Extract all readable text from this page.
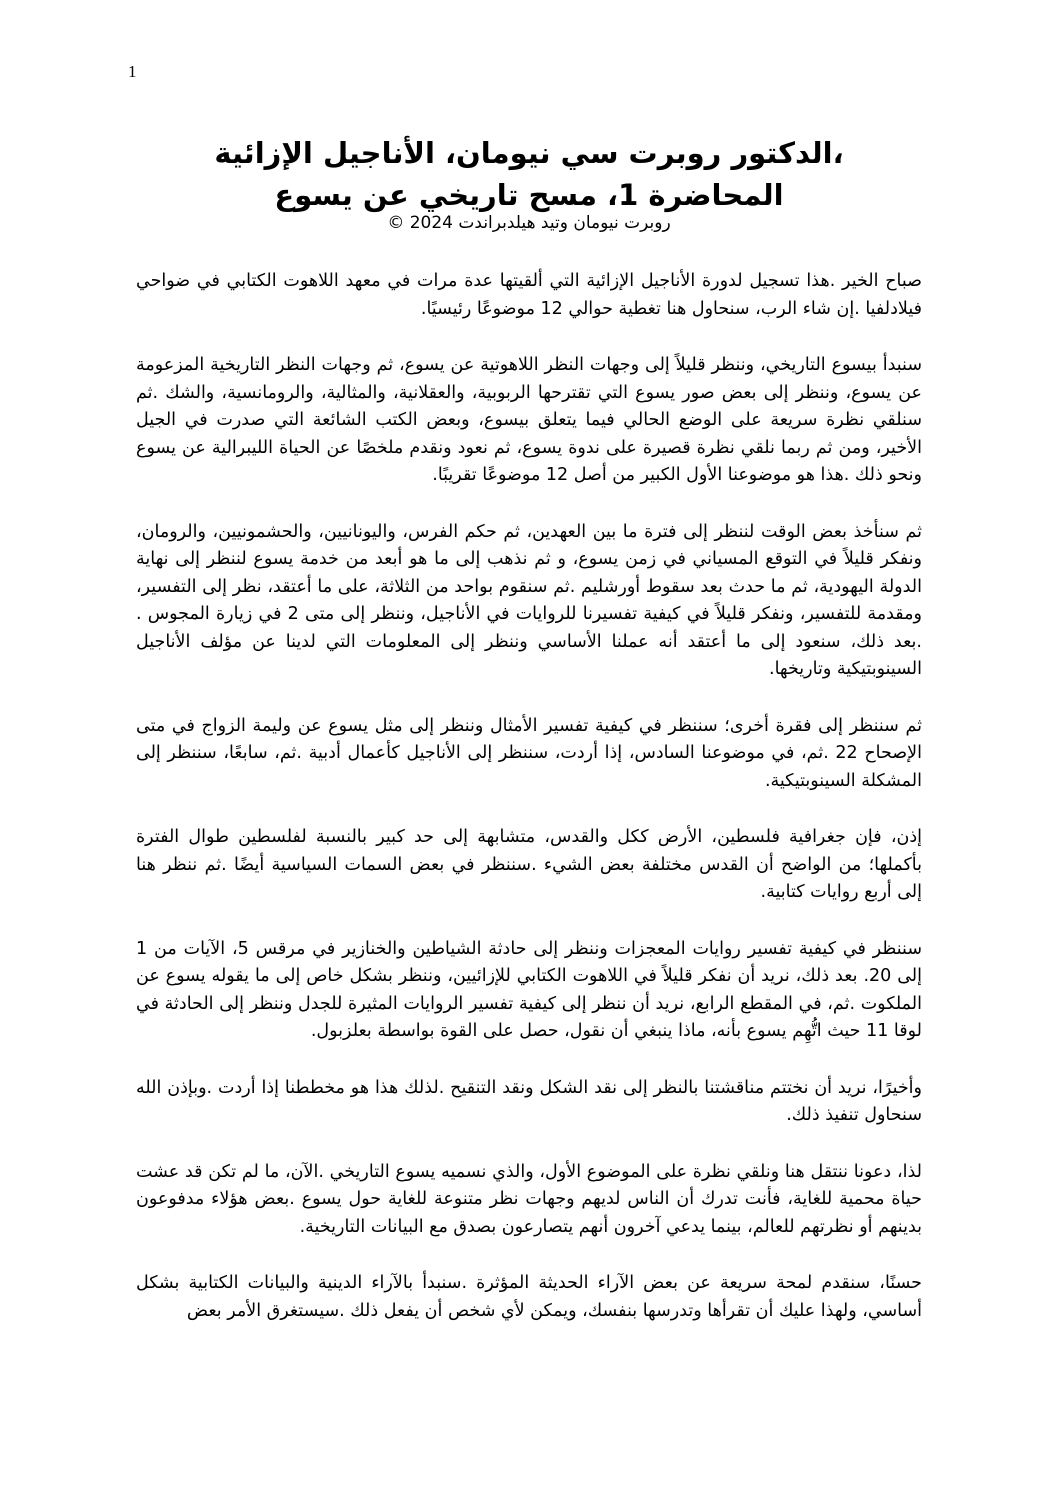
1
،الدكتور روبرت سي نيومان، الأناجيل الإزائية
المحاضرة 1، مسح تاريخي عن يسوع
روبرت نيومان وتيد هيلدبراندت 2024 ©

صباح الخير .هذا تسجيل لدورة الأناجيل الإزائية التي ألقيتها عدة مرات في معهد اللاهوت الكتابي في ضواحي فيلادلفيا .إن شاء الرب، سنحاول هنا تغطية حوالي 12 موضوعًا رئيسيًا.

سنبدأ بيسوع التاريخي، وننظر قليلاً إلى وجهات النظر اللاهوتية عن يسوع، ثم وجهات النظر التاريخية المزعومة عن يسوع، وننظر إلى بعض صور يسوع التي تقترحها الربوبية، والعقلانية، والمثالية، والرومانسية، والشك .ثم سنلقي نظرة سريعة على الوضع الحالي فيما يتعلق بيسوع، وبعض الكتب الشائعة التي صدرت في الجيل الأخير، ومن ثم ربما نلقي نظرة قصيرة على ندوة يسوع، ثم نعود ونقدم ملخصًا عن الحياة الليبرالية عن يسوع ونحو ذلك .هذا هو موضوعنا الأول الكبير من أصل 12 موضوعًا تقريبًا.

ثم سنأخذ بعض الوقت لننظر إلى فترة ما بين العهدين، ثم حكم الفرس، واليونانيين، والحشمونيين، والرومان، ونفكر قليلاً في التوقع المسياني في زمن يسوع، و ثم نذهب إلى ما هو أبعد من خدمة يسوع لننظر إلى نهاية الدولة اليهودية، ثم ما حدث بعد سقوط أورشليم .ثم سنقوم بواحد من الثلاثة، على ما أعتقد، نظر إلى التفسير، ومقدمة للتفسير، ونفكر قليلاً في كيفية تفسيرنا للروايات في الأناجيل، وننظر إلى متى 2 في زيارة المجوس . .بعد ذلك، سنعود إلى ما أعتقد أنه عملنا الأساسي وننظر إلى المعلومات التي لدينا عن مؤلف الأناجيل السينوبتيكية وتاريخها.

ثم سننظر إلى فقرة أخرى؛ سننظر في كيفية تفسير الأمثال وننظر إلى مثل يسوع عن وليمة الزواج في متى الإصحاح 22 .ثم، في موضوعنا السادس، إذا أردت، سننظر إلى الأناجيل كأعمال أدبية .ثم، سابعًا، سننظر إلى المشكلة السينوبتيكية.

إذن، فإن جغرافية فلسطين، الأرض ككل والقدس، متشابهة إلى حد كبير بالنسبة لفلسطين طوال الفترة بأكملها؛ من الواضح أن القدس مختلفة بعض الشيء .سننظر في بعض السمات السياسية أيضًا .ثم ننظر هنا إلى أربع روايات كتابية.

سننظر في كيفية تفسير روايات المعجزات وننظر إلى حادثة الشياطين والخنازير في مرقس 5، الآيات من 1 إلى 20. بعد ذلك، نريد أن نفكر قليلاً في اللاهوت الكتابي للإزائيين، وننظر بشكل خاص إلى ما يقوله يسوع عن الملكوت .ثم، في المقطع الرابع، نريد أن ننظر إلى كيفية تفسير الروايات المثيرة للجدل وننظر إلى الحادثة في لوقا 11 حيث اتُّهِم يسوع بأنه، ماذا ينبغي أن نقول، حصل على القوة بواسطة بعلزبول.

وأخيرًا، نريد أن نختتم مناقشتنا بالنظر إلى نقد الشكل ونقد التنقيح .لذلك هذا هو مخططنا إذا أردت .وبإذن الله سنحاول تنفيذ ذلك.

لذا، دعونا ننتقل هنا ونلقي نظرة على الموضوع الأول، والذي نسميه يسوع التاريخي .الآن، ما لم تكن قد عشت حياة محمية للغاية، فأنت تدرك أن الناس لديهم وجهات نظر متنوعة للغاية حول يسوع .بعض هؤلاء مدفوعون بدينهم أو نظرتهم للعالم، بينما يدعي آخرون أنهم يتصارعون بصدق مع البيانات التاريخية.

حسنًا، سنقدم لمحة سريعة عن بعض الآراء الحديثة المؤثرة .سنبدأ بالآراء الدينية والبيانات الكتابية بشكل أساسي، ولهذا عليك أن تقرأها وتدرسها بنفسك، ويمكن لأي شخص أن يفعل ذلك .سيستغرق الأمر بعض
